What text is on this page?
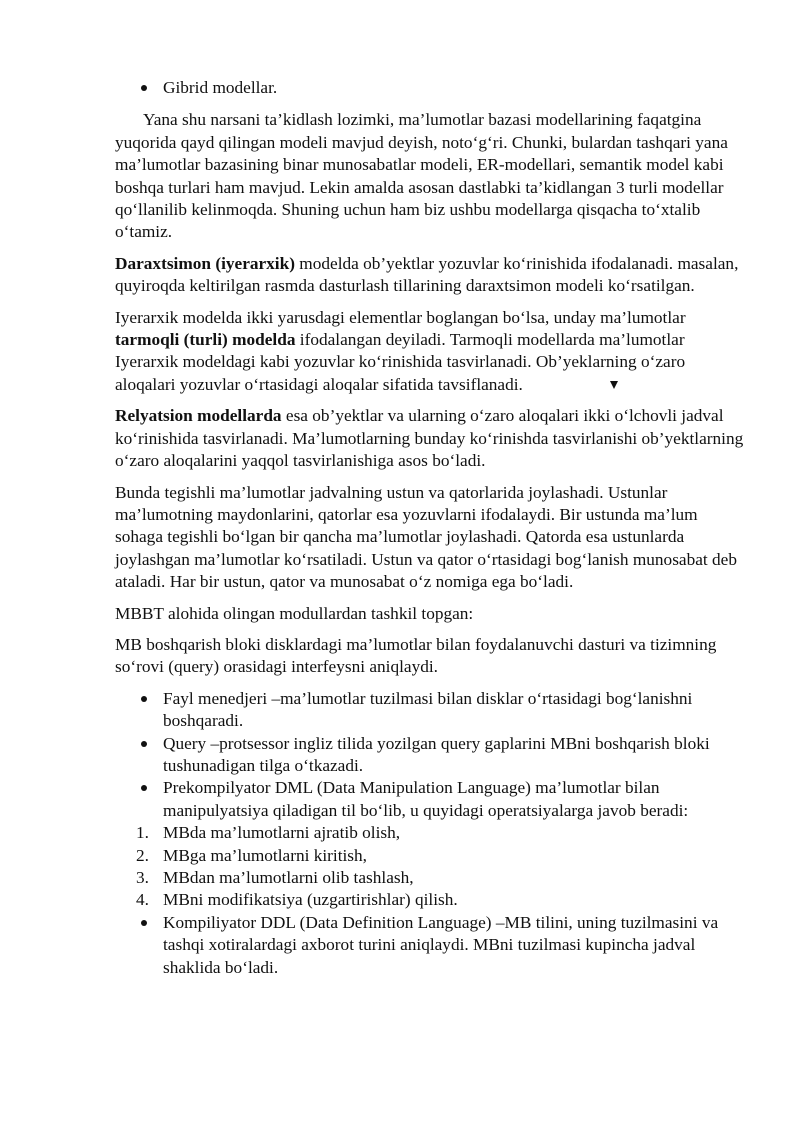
Gibrid modellar.

Yana shu narsani ta’kidlash lozimki, ma’lumotlar bazasi modellarining faqatgina yuqorida qayd qilingan modeli mavjud deyish, noto‘g‘ri. Chunki, bulardan tashqari yana ma’lumotlar bazasining binar munosabatlar modeli, ER-modellari, semantik model kabi boshqa turlari ham mavjud. Lekin amalda asosan dastlabki ta’kidlangan 3 turli modellar qo‘llanilib kelinmoqda. Shuning uchun ham biz ushbu modellarga qisqacha to‘xtalib o‘tamiz.

Daraxtsimon (iyerarxik) modelda ob’yektlar yozuvlar ko‘rinishida ifodalanadi. masalan, quyiroqda keltirilgan rasmda dasturlash tillarining daraxtsimon modeli ko‘rsatilgan.

Iyerarxik modelda ikki yarusdagi elementlar boglangan bo‘lsa, unday ma’lumotlar tarmoqli (turli) modelda ifodalangan deyiladi. Tarmoqli modellarda ma’lumotlar Iyerarxik modeldagi kabi yozuvlar ko‘rinishida tasvirlanadi. Ob’yeklarning o‘zaro aloqalari yozuvlar o‘rtasidagi aloqalar sifatida tavsiflanadi.

Relyatsion modellarda esa ob’yektlar va ularning o‘zaro aloqalari ikki o‘lchovli jadval ko‘rinishida tasvirlanadi. Ma’lumotlarning bunday ko‘rinishda tasvirlanishi ob’yektlarning o‘zaro aloqalarini yaqqol tasvirlanishiga asos bo‘ladi.

Bunda tegishli ma’lumotlar jadvalning ustun va qatorlarida joylashadi. Ustunlar ma’lumotning maydonlarini, qatorlar esa yozuvlarni ifodalaydi. Bir ustunda ma’lum sohaga tegishli bo‘lgan bir qancha ma’lumotlar joylashadi. Qatorda esa ustunlarda joylashgan ma’lumotlar ko‘rsatiladi. Ustun va qator o‘rtasidagi bog‘lanish munosabat deb ataladi. Har bir ustun, qator va munosabat o‘z nomiga ega bo‘ladi.

MBBT alohida olingan modullardan tashkil topgan:

MB boshqarish bloki disklardagi ma’lumotlar bilan foydalanuvchi dasturi va tizimning so‘rovi (query) orasidagi interfeysni aniqlaydi.

Fayl menedjeri –ma’lumotlar tuzilmasi bilan disklar o‘rtasidagi bog‘lanishni boshqaradi.
Query –protsessor ingliz tilida yozilgan query gaplarini MBni boshqarish bloki tushunadigan tilga o‘tkazadi.
Prekompilyator DML (Data Manipulation Language) ma’lumotlar bilan manipulyatsiya qiladigan til bo‘lib, u quyidagi operatsiyalarga javob beradi:
1. MBda ma’lumotlarni ajratib olish,
2. MBga ma’lumotlarni kiritish,
3. MBdan ma’lumotlarni olib tashlash,
4. MBni modifikatsiya (uzgartirishlar) qilish.
Kompiliyator DDL (Data Definition Language) –MB tilini, uning tuzilmasini va tashqi xotiralardagi axborot turini aniqlaydi. MBni tuzilmasi kupincha jadval shaklida bo‘ladi.
